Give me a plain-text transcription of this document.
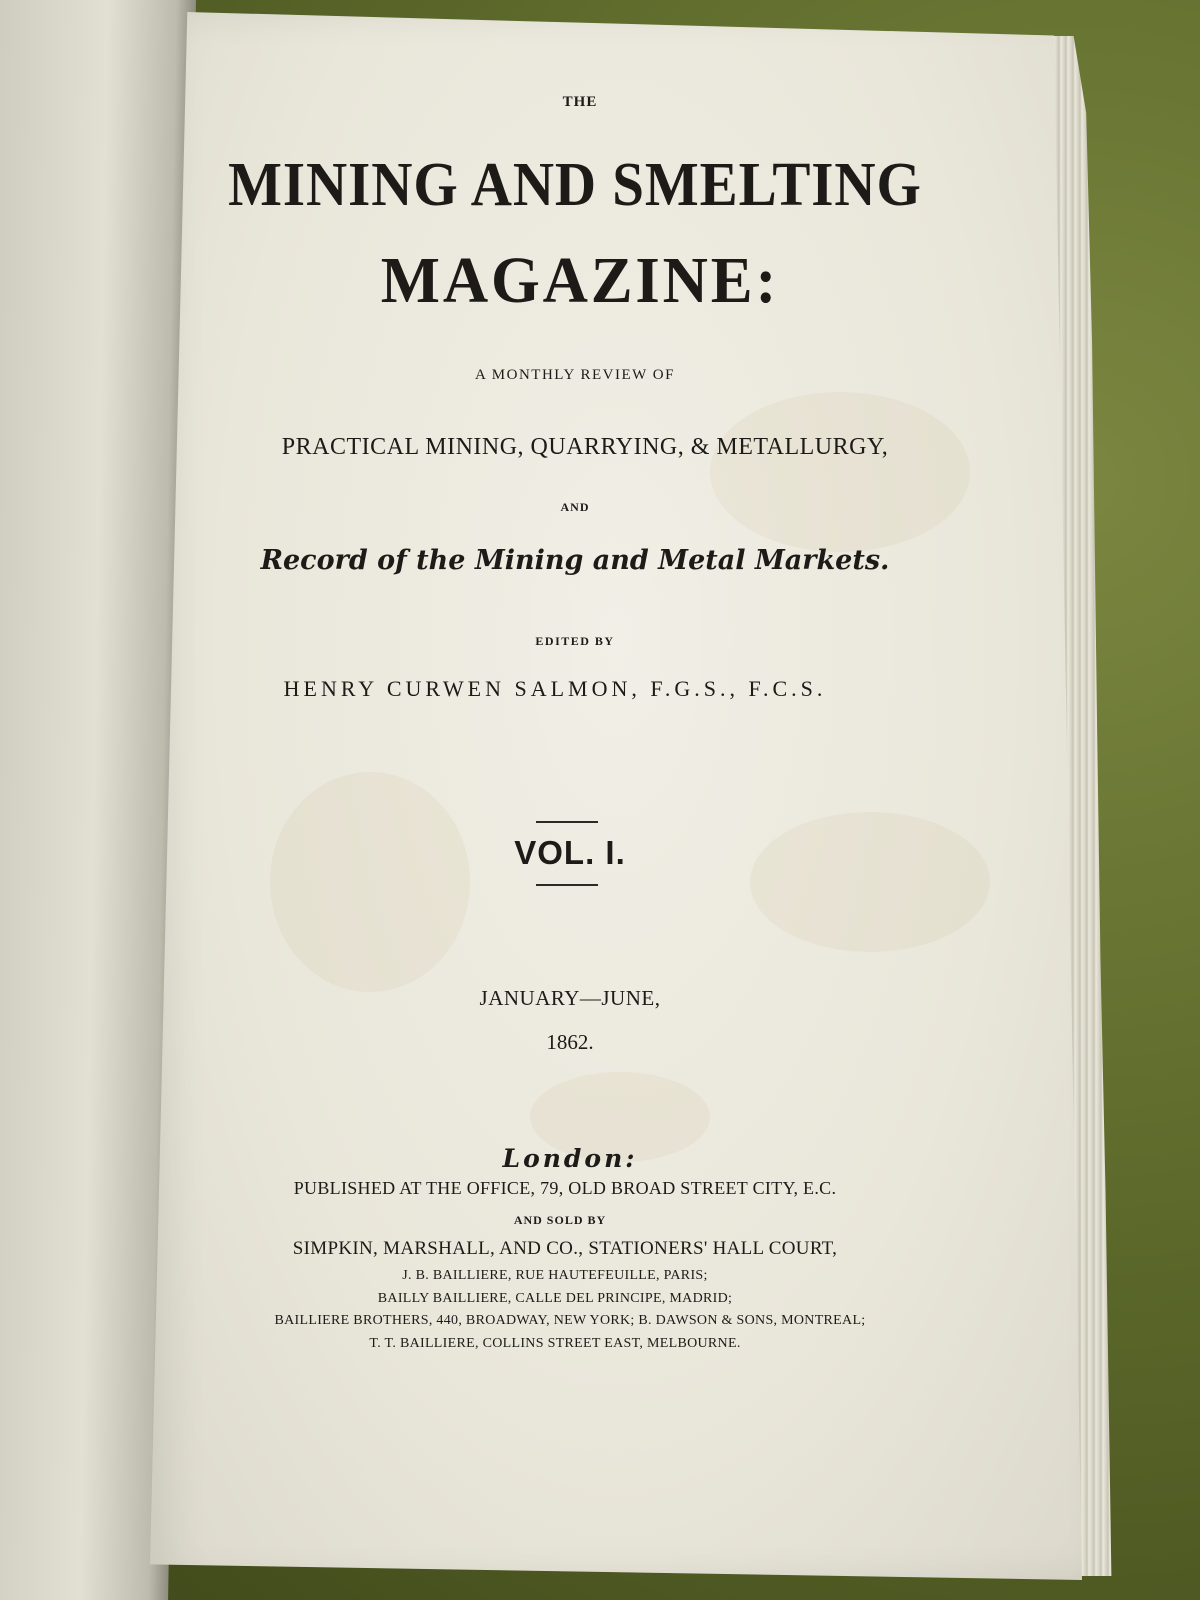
THE
MINING AND SMELTING
MAGAZINE:
A MONTHLY REVIEW OF
PRACTICAL MINING, QUARRYING, & METALLURGY,
AND
Record of the Mining and Metal Markets.
EDITED BY
HENRY CURWEN SALMON, F.G.S., F.C.S.
VOL. I.
JANUARY—JUNE,
1862.
London:
PUBLISHED AT THE OFFICE, 79, OLD BROAD STREET CITY, E.C.
AND SOLD BY
SIMPKIN, MARSHALL, AND CO., STATIONERS' HALL COURT,
J. B. BAILLIERE, RUE HAUTEFEUILLE, PARIS;
BAILLY BAILLIERE, CALLE DEL PRINCIPE, MADRID;
BAILLIERE BROTHERS, 440, BROADWAY, NEW YORK; B. DAWSON & SONS, MONTREAL;
T. T. BAILLIERE, COLLINS STREET EAST, MELBOURNE.
